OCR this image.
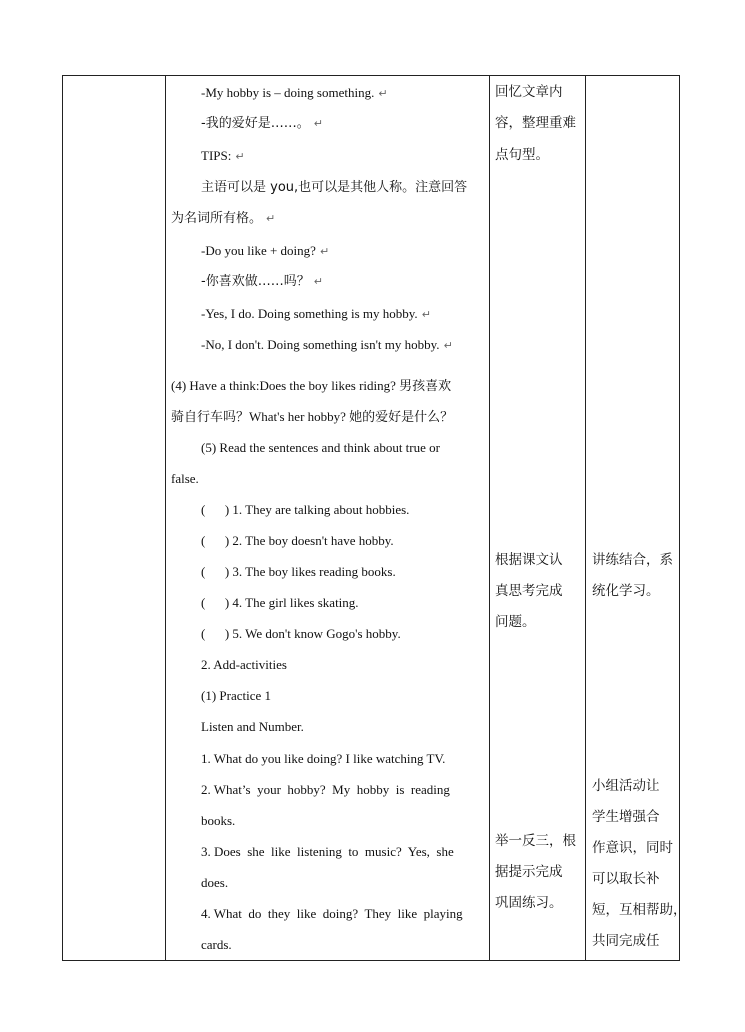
-My hobby is – doing something. ↵
-我的爱好是……。 ↵
TIPS: ↵
主语可以是 you,也可以是其他人称。注意回答
为名词所有格。 ↵
-Do you like + doing? ↵
-你喜欢做……吗？ ↵
-Yes, I do. Doing something is my hobby. ↵
-No, I don't. Doing something isn't my hobby. ↵
(4) Have a think:Does the boy likes riding? 男孩喜欢
骑自行车吗？What's her hobby? 她的爱好是什么？
(5) Read the sentences and think about true or
false.
(      ) 1. They are talking about hobbies.
(      ) 2. The boy doesn't have hobby.
(      ) 3. The boy likes reading books.
(      ) 4. The girl likes skating.
(      ) 5. We don't know Gogo's hobby.
2. Add-activities
(1) Practice 1
Listen and Number.
1. What do you like doing? I like watching TV.
2. What’s  your  hobby?  My  hobby  is  reading
books.
3. Does  she  like  listening  to  music?  Yes,  she
does.
4. What  do  they  like  doing?  They  like  playing
cards.
回忆文章内
容，整理重难
点句型。
根据课文认
真思考完成
问题。
举一反三，根
据提示完成
巩固练习。
讲练结合，系
统化学习。
小组活动让
学生增强合
作意识，同时
可以取长补
短，互相帮助，
共同完成任
